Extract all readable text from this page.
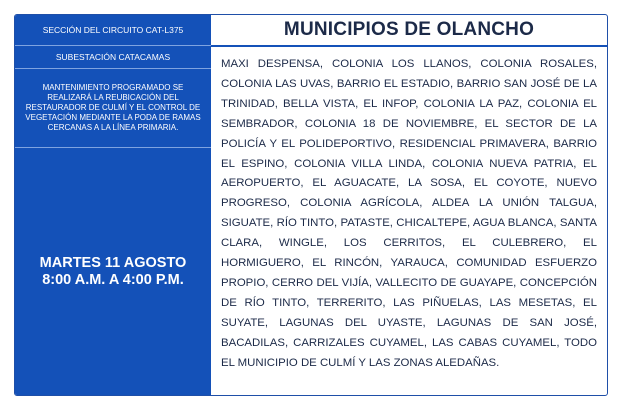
SECCIÓN DEL CIRCUITO CAT-L375
SUBESTACIÓN CATACAMAS
MANTENIMIENTO PROGRAMADO SE REALIZARÁ LA REUBICACIÓN DEL RESTAURADOR DE CULMÍ Y EL CONTROL DE VEGETACIÓN MEDIANTE LA PODA DE RAMAS CERCANAS A LA LÍNEA PRIMARIA.
MARTES 11 AGOSTO
8:00 A.M. A 4:00 P.M.
MUNICIPIOS DE OLANCHO
MAXI DESPENSA, COLONIA LOS LLANOS, COLONIA ROSALES, COLONIA LAS UVAS, BARRIO EL ESTADIO, BARRIO SAN JOSÉ DE LA TRINIDAD, BELLA VISTA, EL INFOP, COLONIA LA PAZ, COLONIA EL SEMBRADOR, COLONIA 18 DE NOVIEMBRE, EL SECTOR DE LA POLICÍA Y EL POLIDEPORTIVO, RESIDENCIAL PRIMAVERA, BARRIO EL ESPINO, COLONIA VILLA LINDA, COLONIA NUEVA PATRIA, EL AEROPUERTO, EL AGUACATE, LA SOSA, EL COYOTE, NUEVO PROGRESO, COLONIA AGRÍCOLA, ALDEA LA UNIÓN TALGUA, SIGUATE, RÍO TINTO, PATASTE, CHICALTEPE, AGUA BLANCA, SANTA CLARA, WINGLE, LOS CERRITOS, EL CULEBRERO, EL HORMIGUERO, EL RINCÓN, YARAUCA, COMUNIDAD ESFUERZO PROPIO, CERRO DEL VIJÍA, VALLECITO DE GUAYAPE, CONCEPCIÓN DE RÍO TINTO, TERRERITO, LAS PIÑUELAS, LAS MESETAS, EL SUYATE, LAGUNAS DEL UYASTE, LAGUNAS DE SAN JOSÉ, BACADILAS, CARRIZALES CUYAMEL, LAS CABAS CUYAMEL, TODO EL MUNICIPIO DE CULMÍ Y LAS ZONAS ALEDAÑAS.
